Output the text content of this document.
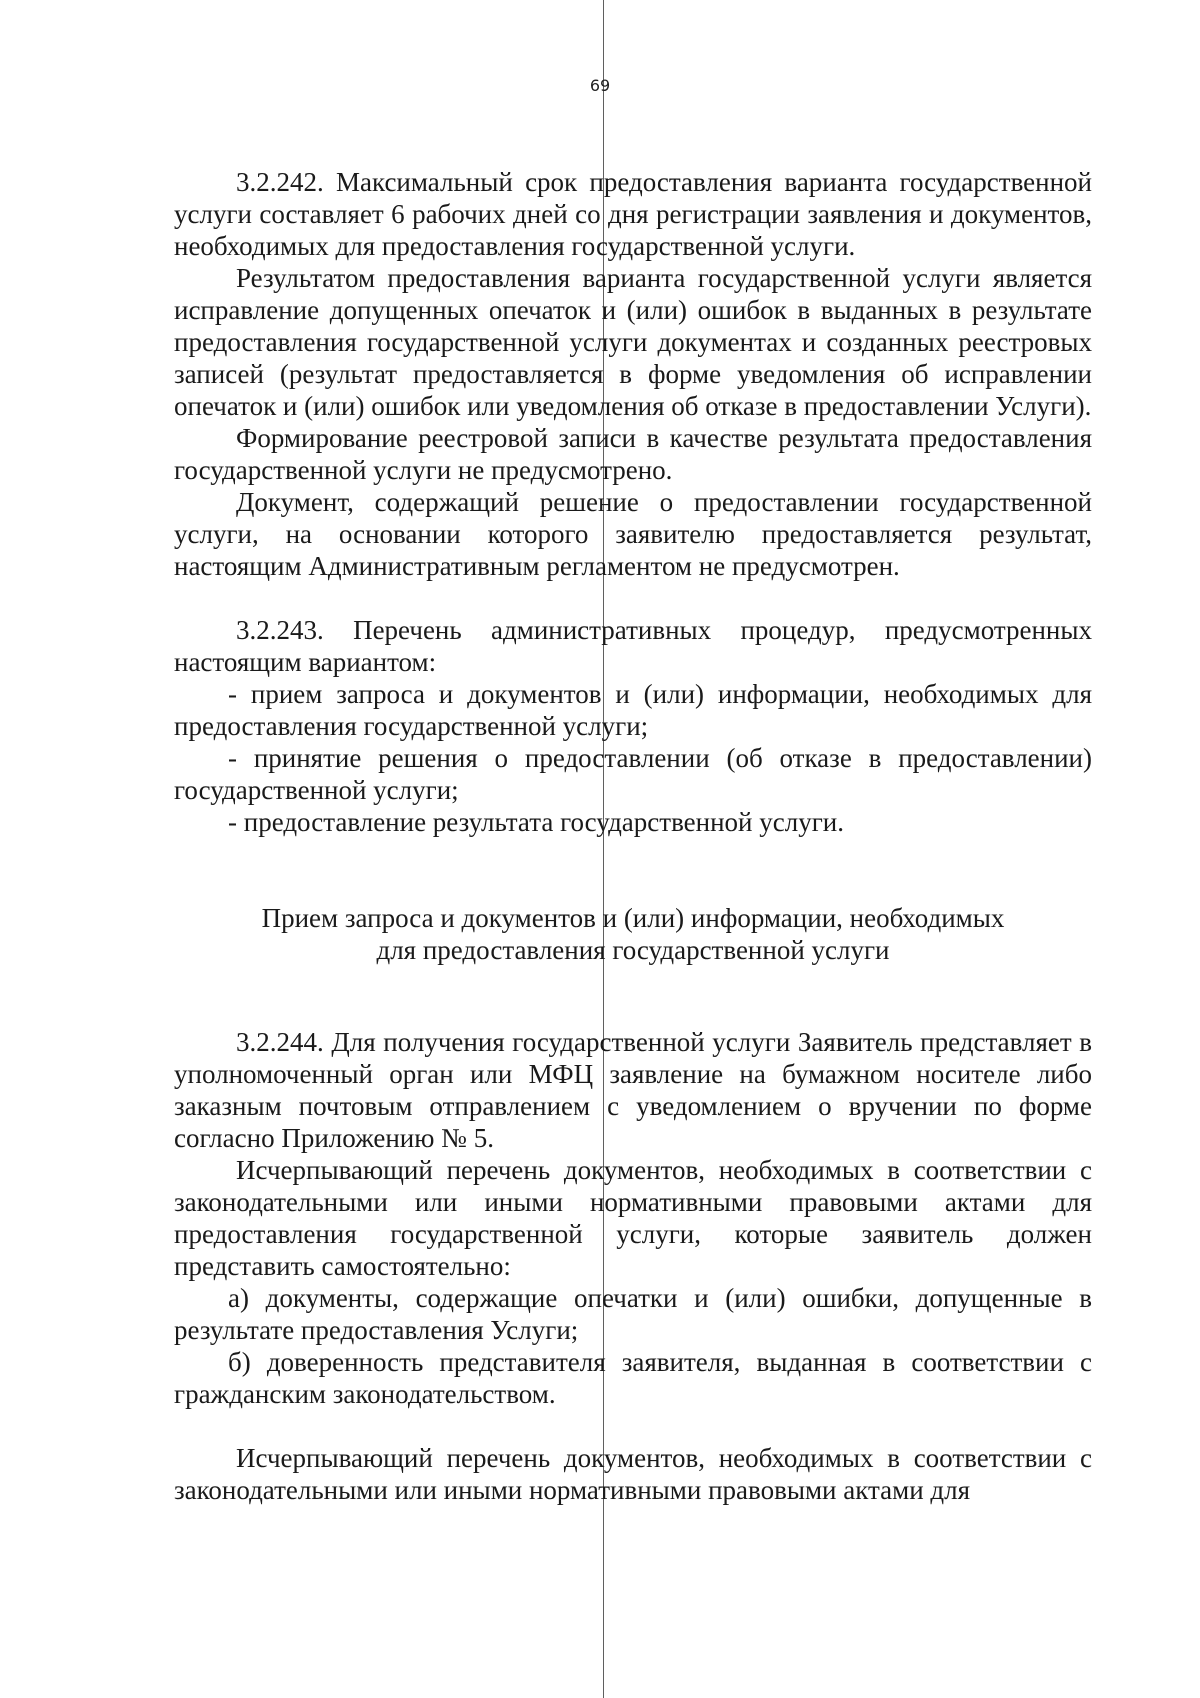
69

3.2.242. Максимальный срок предоставления варианта государственной услуги составляет 6 рабочих дней со дня регистрации заявления и документов, необходимых для предоставления государственной услуги.

Результатом предоставления варианта государственной услуги является исправление допущенных опечаток и (или) ошибок в выданных в результате предоставления государственной услуги документах и созданных реестровых записей (результат предоставляется в форме уведомления об исправлении опечаток и (или) ошибок или уведомления об отказе в предоставлении Услуги).

Формирование реестровой записи в качестве результата предоставления государственной услуги не предусмотрено.

Документ, содержащий решение о предоставлении государственной услуги, на основании которого заявителю предоставляется результат, настоящим Административным регламентом не предусмотрен.

3.2.243. Перечень административных процедур, предусмотренных настоящим вариантом:

- прием запроса и документов и (или) информации, необходимых для предоставления государственной услуги;

- принятие решения о предоставлении (об отказе в предоставлении) государственной услуги;

- предоставление результата государственной услуги.

Прием запроса и документов и (или) информации, необходимых
для предоставления государственной услуги

3.2.244. Для получения государственной услуги Заявитель представляет в уполномоченный орган или МФЦ заявление на бумажном носителе либо заказным почтовым отправлением с уведомлением о вручении по форме согласно Приложению № 5.

Исчерпывающий перечень документов, необходимых в соответствии с законодательными или иными нормативными правовыми актами для предоставления государственной услуги, которые заявитель должен представить самостоятельно:

а) документы, содержащие опечатки и (или) ошибки, допущенные в результате предоставления Услуги;

б) доверенность представителя заявителя, выданная в соответствии с гражданским законодательством.

Исчерпывающий перечень документов, необходимых в соответствии с законодательными или иными нормативными правовыми актами для
